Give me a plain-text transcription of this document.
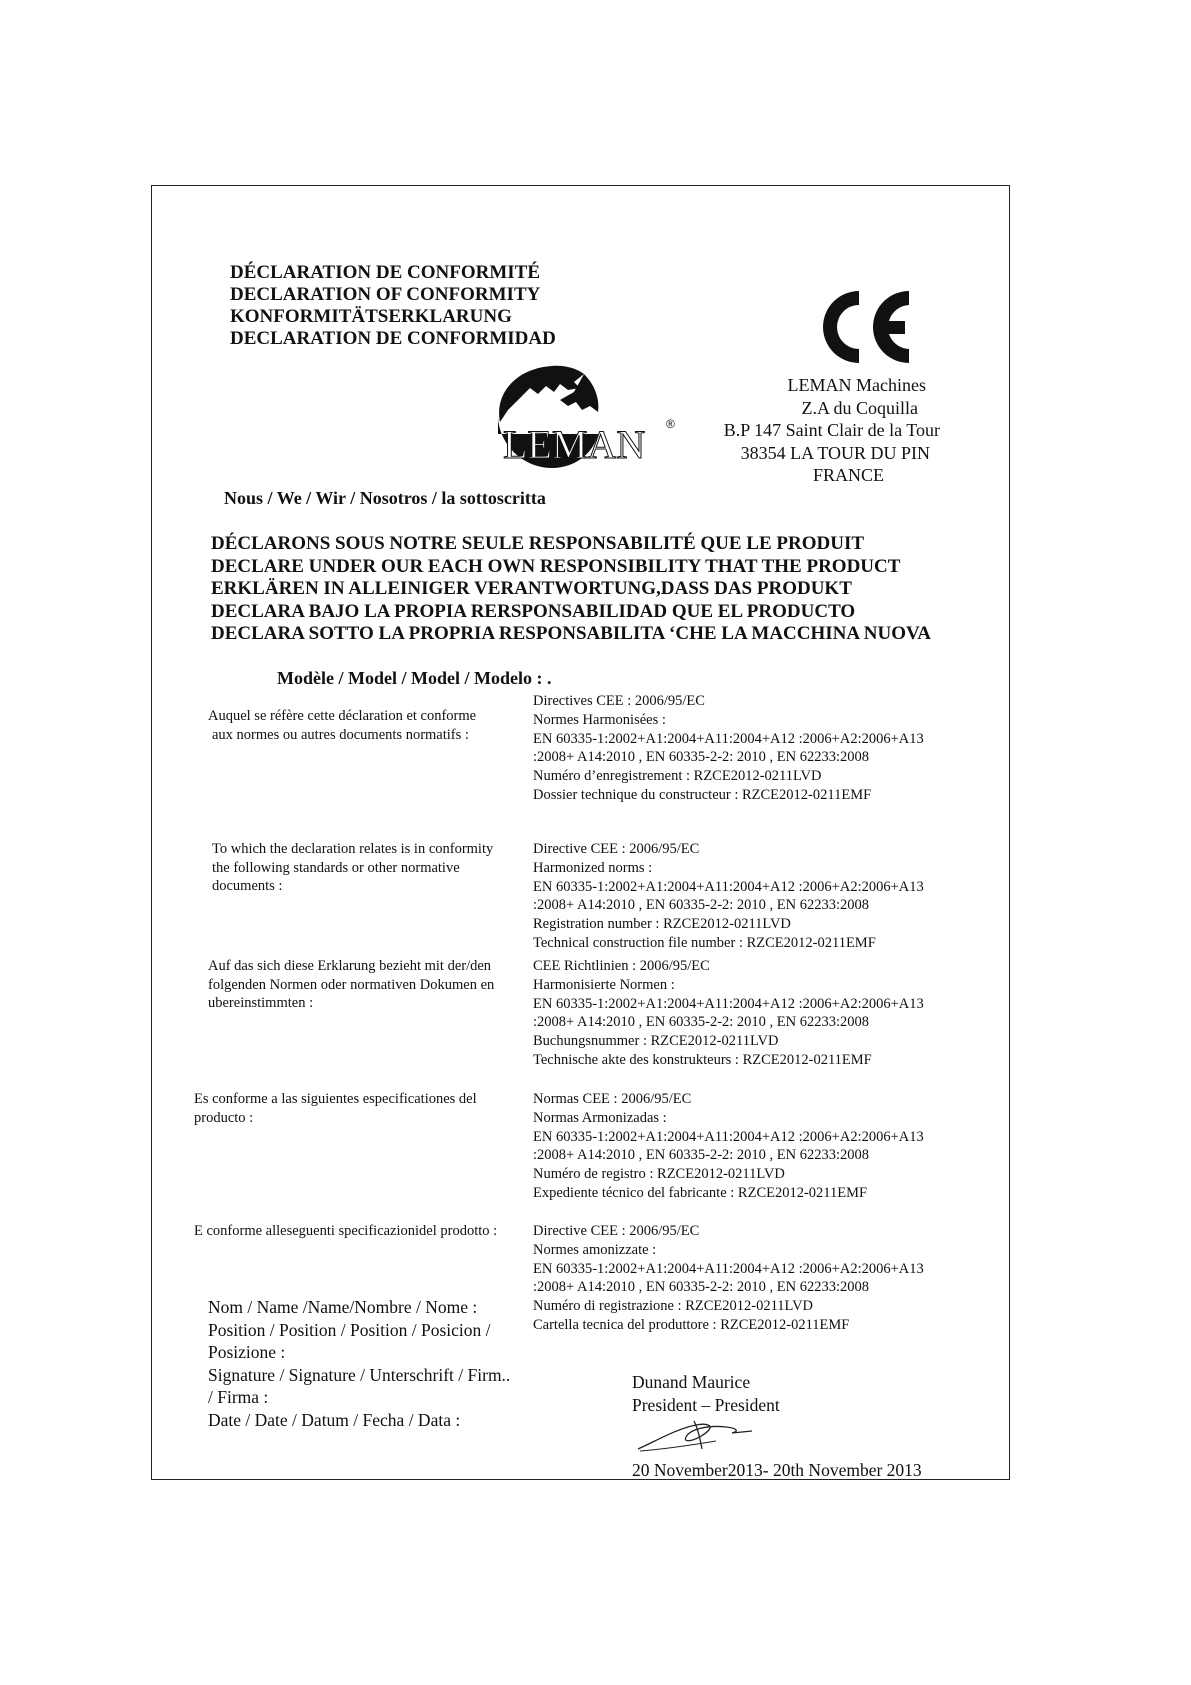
DÉCLARATION DE CONFORMITÉ
DECLARATION OF CONFORMITY
KONFORMITÄTSERKLARUNG
DECLARATION DE CONFORMIDAD
LEMAN Machines
Z.A du Coquilla
B.P 147 Saint Clair de la Tour
38354 LA TOUR DU PIN
FRANCE
LEMAN ®
Nous / We / Wir / Nosotros / la sottoscritta
DÉCLARONS SOUS NOTRE SEULE RESPONSABILITÉ QUE LE PRODUIT
DECLARE UNDER OUR EACH OWN RESPONSIBILITY THAT THE PRODUCT
ERKLÄREN IN ALLEINIGER VERANTWORTUNG,DASS DAS PRODUKT
DECLARA BAJO LA PROPIA RERSPONSABILIDAD QUE EL PRODUCTO
DECLARA SOTTO LA PROPRIA RESPONSABILITA ‘CHE LA MACCHINA NUOVA
Modèle / Model / Model / Modelo : .
Auquel se réfère cette déclaration et conforme
aux normes ou autres documents normatifs :
Directives CEE : 2006/95/EC
Normes Harmonisées :
EN 60335-1:2002+A1:2004+A11:2004+A12 :2006+A2:2006+A13
:2008+ A14:2010 , EN 60335-2-2: 2010 , EN 62233:2008
Numéro d’enregistrement : RZCE2012-0211LVD
Dossier technique du constructeur : RZCE2012-0211EMF
To which the declaration relates is in conformity
the following standards or other normative
documents :
Directive CEE : 2006/95/EC
Harmonized norms :
EN 60335-1:2002+A1:2004+A11:2004+A12 :2006+A2:2006+A13
:2008+ A14:2010 , EN 60335-2-2: 2010 , EN 62233:2008
Registration number : RZCE2012-0211LVD
Technical construction file number : RZCE2012-0211EMF
Auf das sich diese Erklarung bezieht mit der/den
folgenden Normen oder normativen Dokumen en
ubereinstimmten :
CEE Richtlinien : 2006/95/EC
Harmonisierte Normen :
EN 60335-1:2002+A1:2004+A11:2004+A12 :2006+A2:2006+A13
:2008+ A14:2010 , EN 60335-2-2: 2010 , EN 62233:2008
Buchungsnummer : RZCE2012-0211LVD
Technische akte des konstrukteurs : RZCE2012-0211EMF
Es conforme a las siguientes especificationes del
producto :
Normas CEE : 2006/95/EC
Normas Armonizadas :
EN 60335-1:2002+A1:2004+A11:2004+A12 :2006+A2:2006+A13
:2008+ A14:2010 , EN 60335-2-2: 2010 , EN 62233:2008
Numéro de registro : RZCE2012-0211LVD
Expediente técnico del fabricante : RZCE2012-0211EMF
E conforme alleseguenti specificazionidel prodotto : Directive CEE : 2006/95/EC
Normes amonizzate :
EN 60335-1:2002+A1:2004+A11:2004+A12 :2006+A2:2006+A13
:2008+ A14:2010 , EN 60335-2-2: 2010 , EN 62233:2008
Numéro di registrazione : RZCE2012-0211LVD
Cartella tecnica del produttore : RZCE2012-0211EMF
Nom / Name /Name/Nombre / Nome :
Position / Position / Position / Posicion /
Posizione :
Signature / Signature / Unterschrift / Firm..
/ Firma :
Date / Date / Datum / Fecha / Data :
Dunand Maurice
President – President
20 November2013- 20th November 2013
